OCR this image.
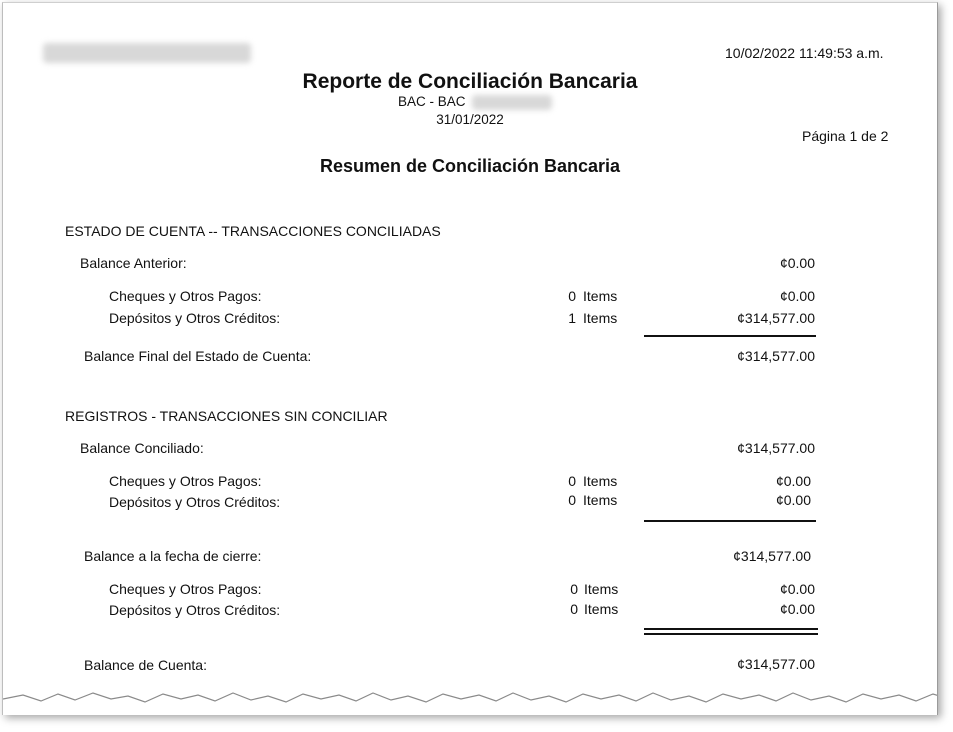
10/02/2022 11:49:53 a.m.
Reporte de Conciliación Bancaria
BAC - BAC
31/01/2022
Página 1 de 2
Resumen de Conciliación Bancaria
ESTADO DE CUENTA -- TRANSACCIONES CONCILIADAS
Balance Anterior:	¢0.00
Cheques y Otros Pagos:	0 Items	¢0.00
Depósitos y Otros Créditos:	1 Items	¢314,577.00
Balance Final del Estado de Cuenta:	¢314,577.00
REGISTROS - TRANSACCIONES SIN CONCILIAR
Balance Conciliado:	¢314,577.00
Cheques y Otros Pagos:	0 Items	¢0.00
Depósitos y Otros Créditos:	0 Items	¢0.00
Balance a la fecha de cierre:	¢314,577.00
Cheques y Otros Pagos:	0 Items	¢0.00
Depósitos y Otros Créditos:	0 Items	¢0.00
Balance de Cuenta:	¢314,577.00
